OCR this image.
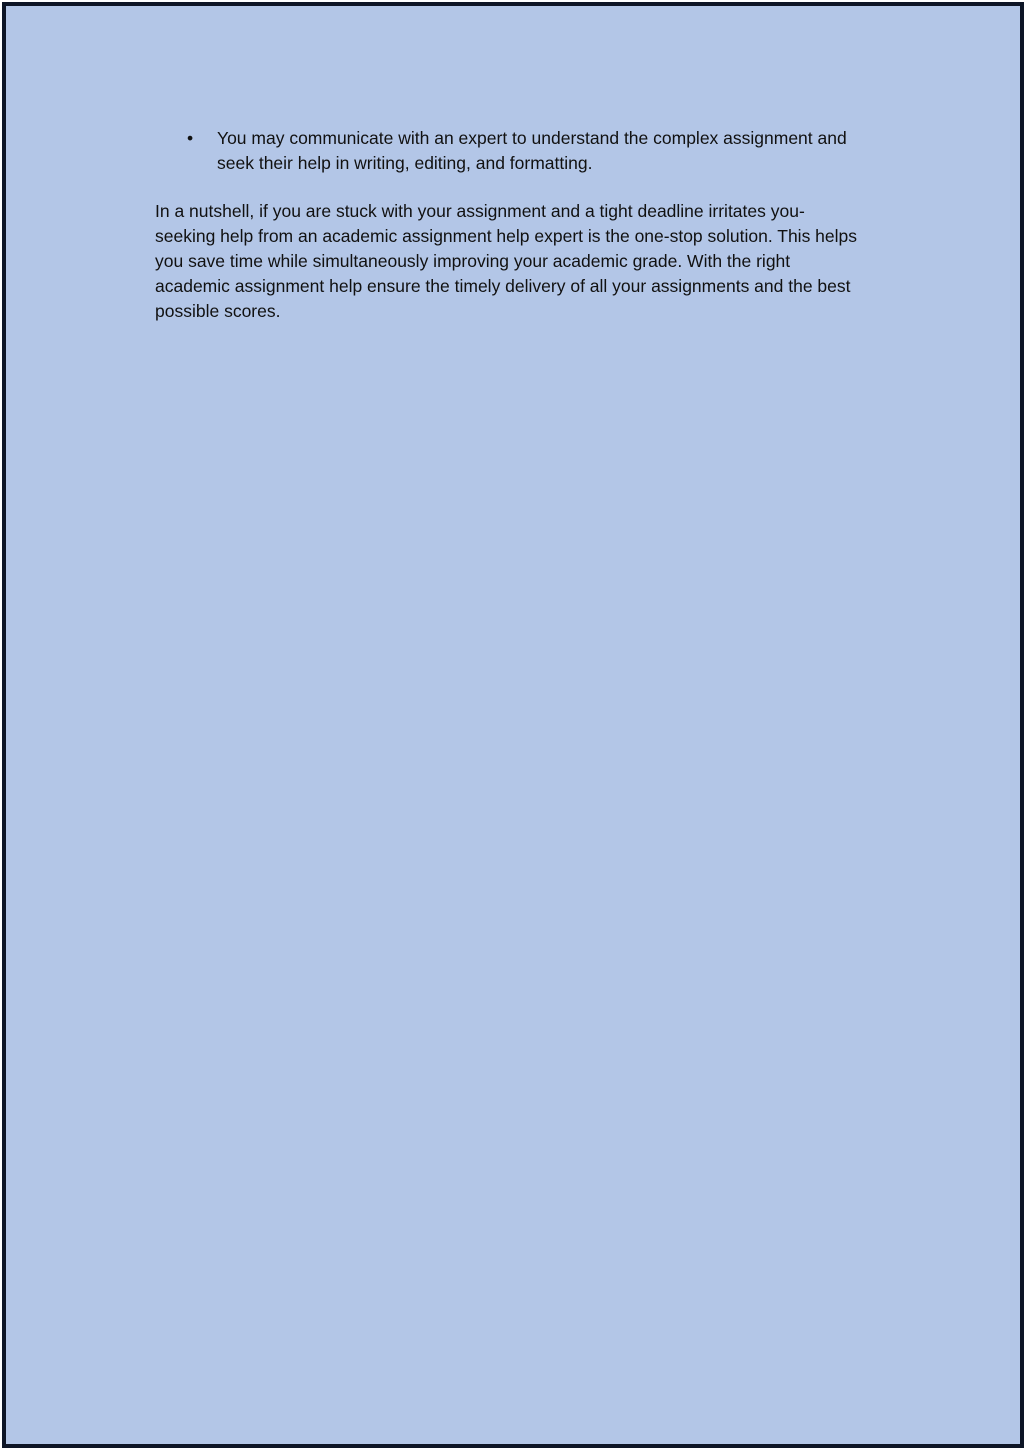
• You may communicate with an expert to understand the complex assignment and seek their help in writing, editing, and formatting.

In a nutshell, if you are stuck with your assignment and a tight deadline irritates you- seeking help from an academic assignment help expert is the one-stop solution. This helps you save time while simultaneously improving your academic grade. With the right academic assignment help ensure the timely delivery of all your assignments and the best possible scores.
